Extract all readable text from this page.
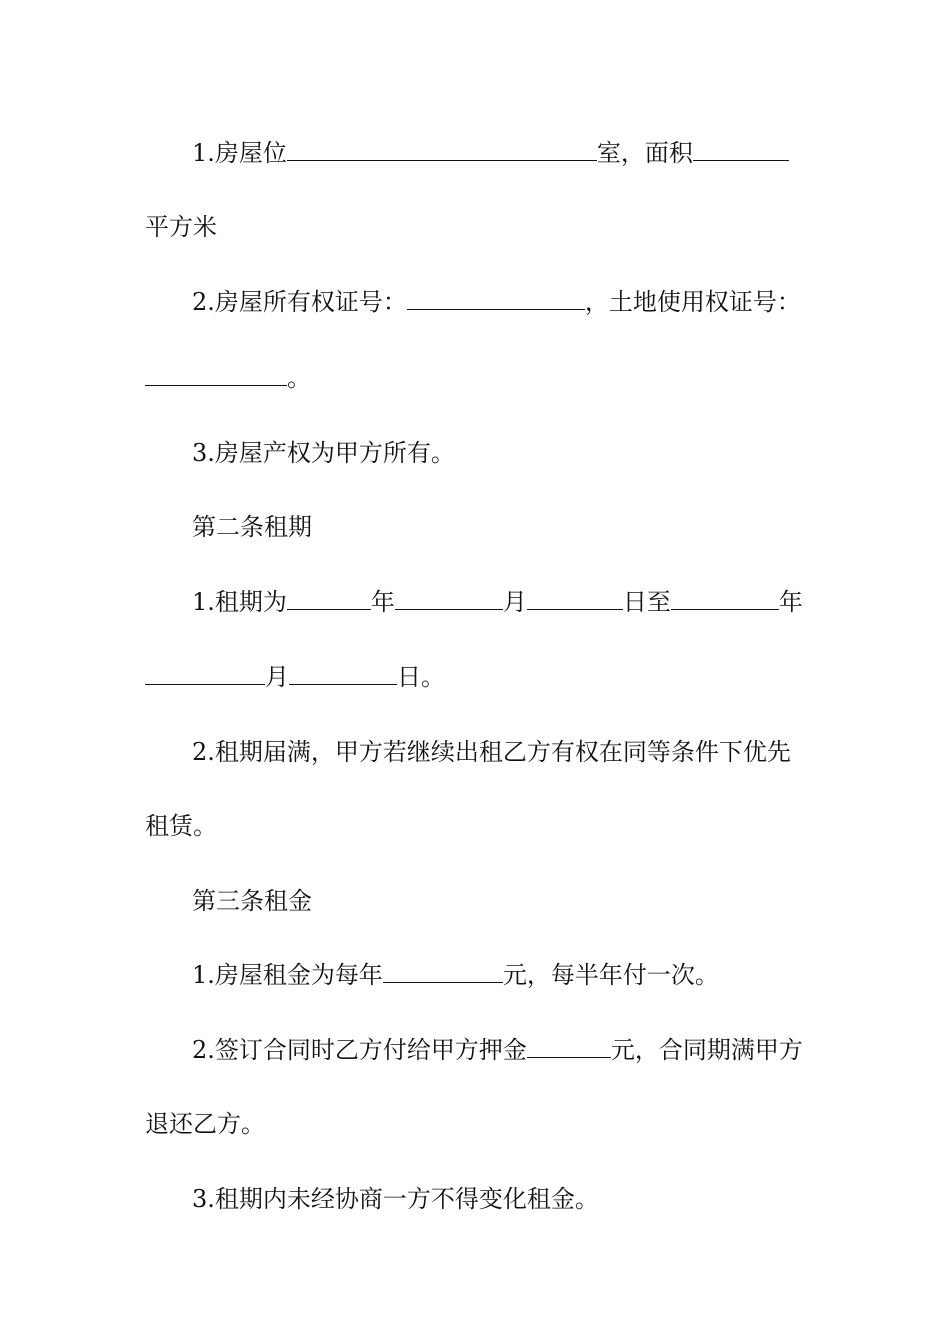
1.房屋位	室，面积
平方米
2.房屋所有权证号：	，土地使用权证号：
。
3.房屋产权为甲方所有。
第二条租期
1.租期为	年	月	日至	年
月	日。
2.租期届满，甲方若继续出租乙方有权在同等条件下优先
租赁。
第三条租金
1.房屋租金为每年	元，每半年付一次。
2.签订合同时乙方付给甲方押金	元，合同期满甲方
退还乙方。
3.租期内未经协商一方不得变化租金。
